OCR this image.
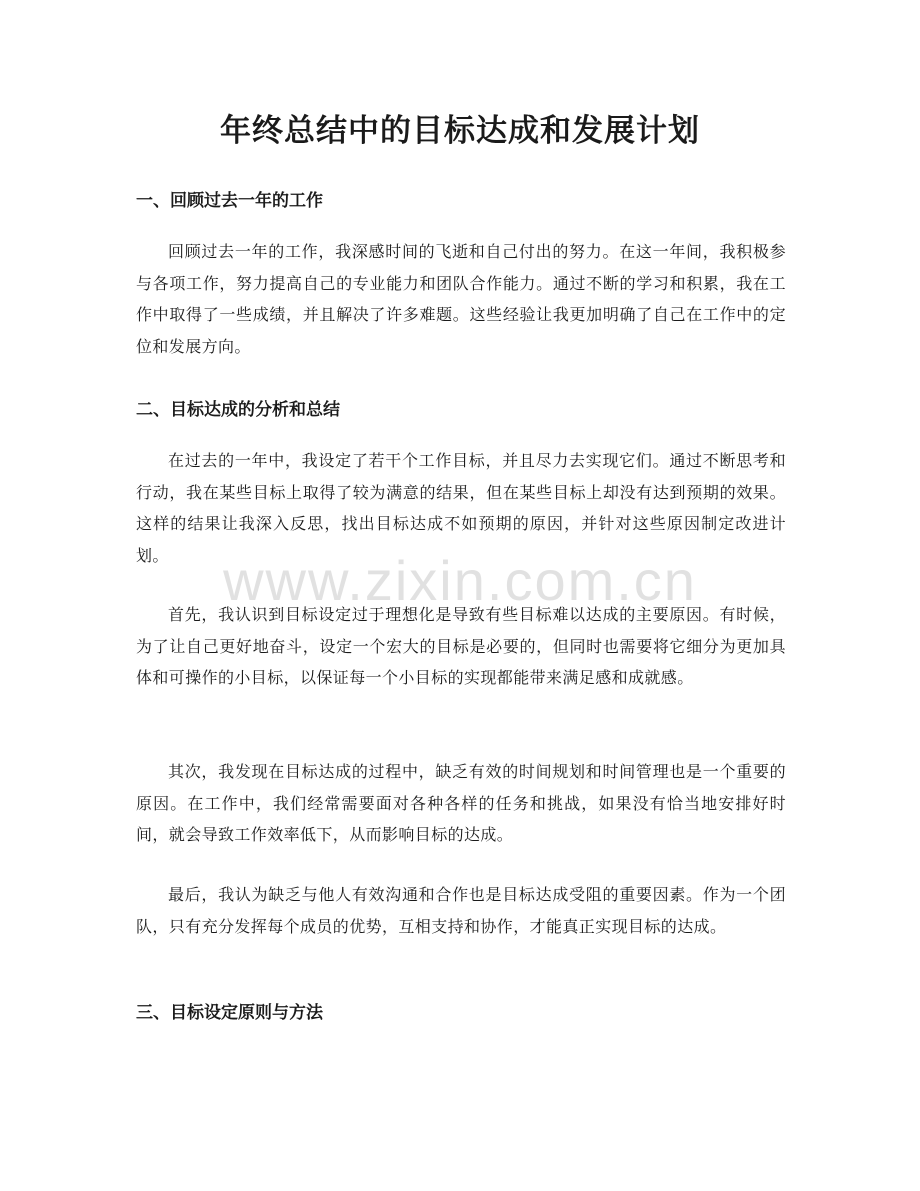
年终总结中的目标达成和发展计划
一、回顾过去一年的工作

回顾过去一年的工作，我深感时间的飞逝和自己付出的努力。在这一年间，我积极参与各项工作，努力提高自己的专业能力和团队合作能力。通过不断的学习和积累，我在工作中取得了一些成绩，并且解决了许多难题。这些经验让我更加明确了自己在工作中的定位和发展方向。

二、目标达成的分析和总结

在过去的一年中，我设定了若干个工作目标，并且尽力去实现它们。通过不断思考和行动，我在某些目标上取得了较为满意的结果，但在某些目标上却没有达到预期的效果。这样的结果让我深入反思，找出目标达成不如预期的原因，并针对这些原因制定改进计划。

首先，我认识到目标设定过于理想化是导致有些目标难以达成的主要原因。有时候，为了让自己更好地奋斗，设定一个宏大的目标是必要的，但同时也需要将它细分为更加具体和可操作的小目标，以保证每一个小目标的实现都能带来满足感和成就感。

其次，我发现在目标达成的过程中，缺乏有效的时间规划和时间管理也是一个重要的原因。在工作中，我们经常需要面对各种各样的任务和挑战，如果没有恰当地安排好时间，就会导致工作效率低下，从而影响目标的达成。

最后，我认为缺乏与他人有效沟通和合作也是目标达成受阻的重要因素。作为一个团队，只有充分发挥每个成员的优势，互相支持和协作，才能真正实现目标的达成。

三、目标设定原则与方法
www.zixin.com.cn
